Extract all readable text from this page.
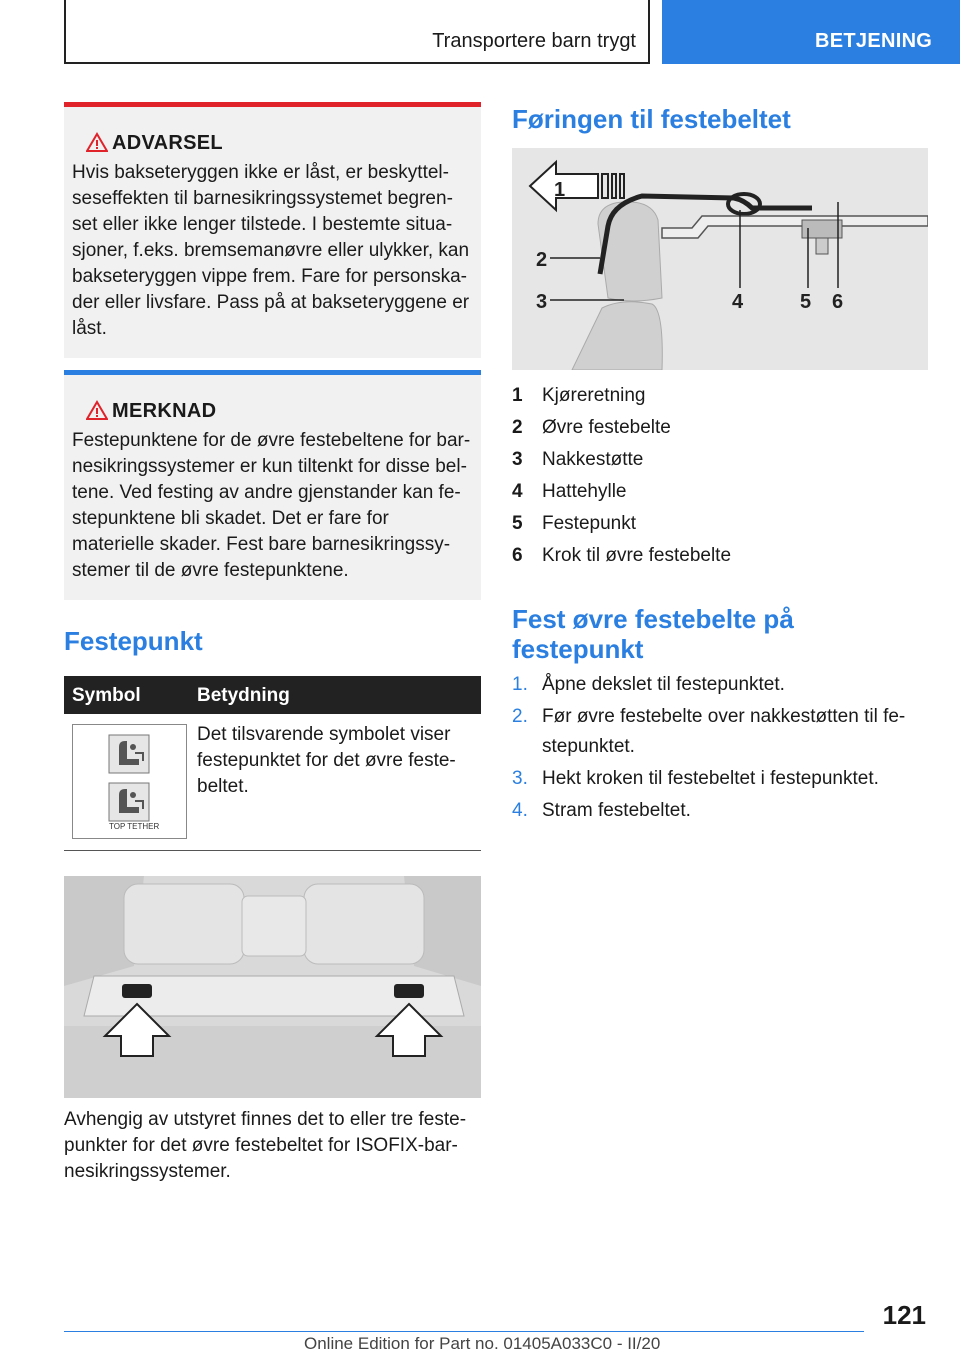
Transportere barn trygt	BETJENING
ADVARSEL
Hvis bakseteryggen ikke er låst, er beskyttel-
seseffekten til barnesikringssystemet begren-
set eller ikke lenger tilstede. I bestemte situa-
sjoner, f.eks. bremsemanøvre eller ulykker, kan
bakseteryggen vippe frem. Fare for personska-
der eller livsfare. Pass på at bakseteryggene er
låst.
MERKNAD
Festepunktene for de øvre festebeltene for bar-
nesikringssystemer er kun tiltenkt for disse bel-
tene. Ved festing av andre gjenstander kan fe-
stepunktene bli skadet. Det er fare for
materielle skader. Fest bare barnesikringssy-
stemer til de øvre festepunktene.
Festepunkt
Symbol	Betydning
TOP TETHER
Det tilsvarende symbolet viser
festepunktet for det øvre feste-
beltet.
Avhengig av utstyret finnes det to eller tre feste-
punkter for det øvre festebeltet for ISOFIX-bar-
nesikringssystemer.
Føringen til festebeltet
1
2
3	4	5 6
1	Kjøreretning
2	Øvre festebelte
3	Nakkestøtte
4	Hattehylle
5	Festepunkt
6	Krok til øvre festebelte
Fest øvre festebelte på
festepunkt
1. Åpne dekslet til festepunktet.
2. Før øvre festebelte over nakkestøtten til fe-
stepunktet.
3. Hekt kroken til festebeltet i festepunktet.
4. Stram festebeltet.
121
Online Edition for Part no. 01405A033C0 - II/20
